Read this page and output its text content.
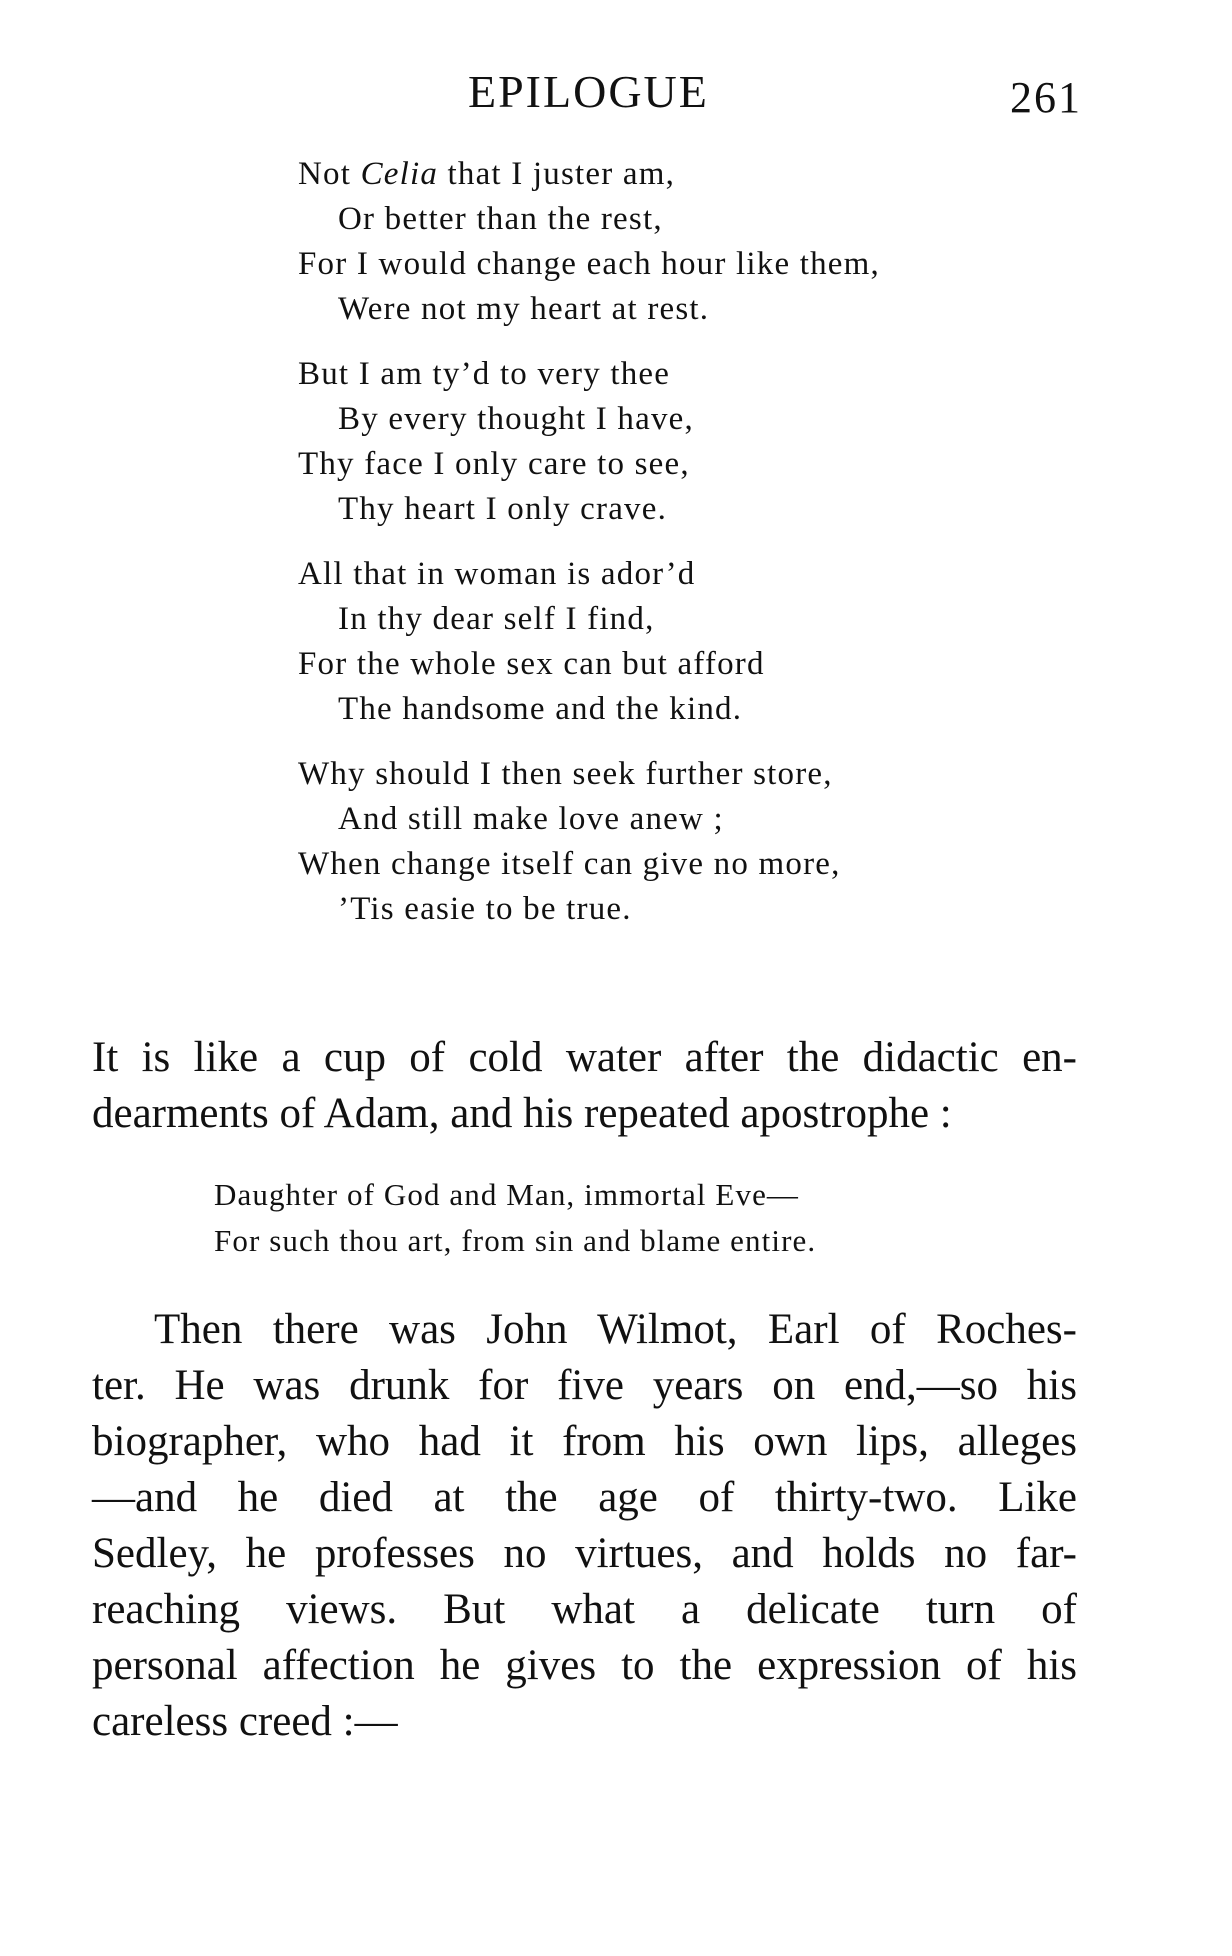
EPILOGUE	261
Not Celia that I juster am,
Or better than the rest,
For I would change each hour like them,
Were not my heart at rest.
But I am ty’d to very thee
By every thought I have,
Thy face I only care to see,
Thy heart I only crave.
All that in woman is ador’d
In thy dear self I find,
For the whole sex can but afford
The handsome and the kind.
Why should I then seek further store,
And still make love anew ;
When change itself can give no more,
’Tis easie to be true.
It is like a cup of cold water after the didactic en-
dearments of Adam, and his repeated apostrophe :
Daughter of God and Man, immortal Eve—
For such thou art, from sin and blame entire.
Then there was John Wilmot, Earl of Roches-
ter. He was drunk for five years on end,—so his
biographer, who had it from his own lips, alleges
—and he died at the age of thirty-two. Like
Sedley, he professes no virtues, and holds no far-
reaching views. But what a delicate turn of
personal affection he gives to the expression of his
careless creed :—
